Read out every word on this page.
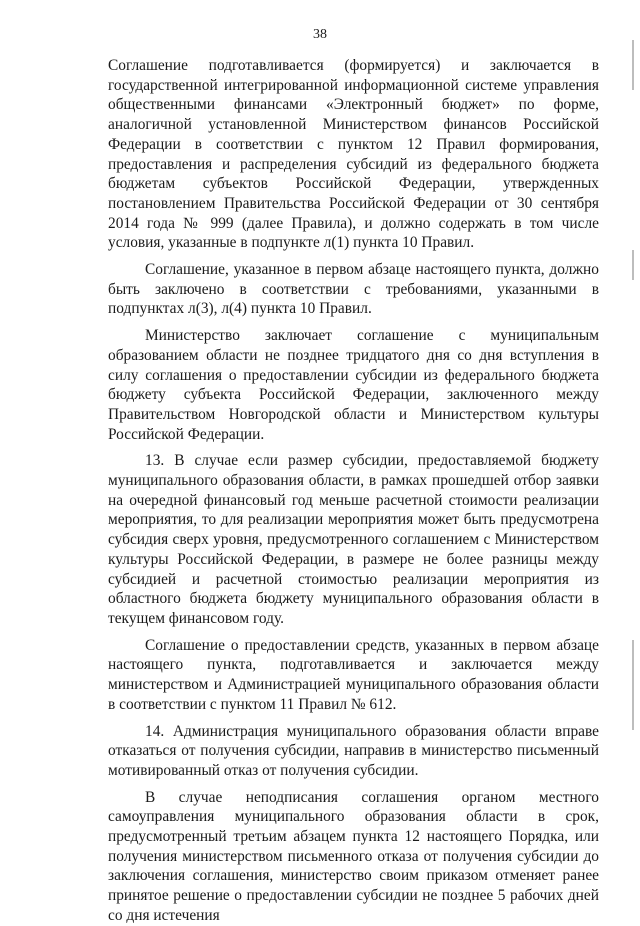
38

Соглашение подготавливается (формируется) и заключается в государственной интегрированной информационной системе управления общественными финансами «Электронный бюджет» по форме, аналогичной установленной Министерством финансов Российской Федерации в соответствии с пунктом 12 Правил формирования, предоставления и распределения субсидий из федерального бюджета бюджетам субъектов Российской Федерации, утвержденных постановлением Правительства Российской Федерации от 30 сентября 2014 года № 999 (далее Правила), и должно содержать в том числе условия, указанные в подпункте л(1) пункта 10 Правил.

Соглашение, указанное в первом абзаце настоящего пункта, должно быть заключено в соответствии с требованиями, указанными в подпунктах л(3), л(4) пункта 10 Правил.

Министерство заключает соглашение с муниципальным образованием области не позднее тридцатого дня со дня вступления в силу соглашения о предоставлении субсидии из федерального бюджета бюджету субъекта Российской Федерации, заключенного между Правительством Новгородской области и Министерством культуры Российской Федерации.

13. В случае если размер субсидии, предоставляемой бюджету муниципального образования области, в рамках прошедшей отбор заявки на очередной финансовый год меньше расчетной стоимости реализации мероприятия, то для реализации мероприятия может быть предусмотрена субсидия сверх уровня, предусмотренного соглашением с Министерством культуры Российской Федерации, в размере не более разницы между субсидией и расчетной стоимостью реализации мероприятия из областного бюджета бюджету муниципального образования области в текущем финансовом году.

Соглашение о предоставлении средств, указанных в первом абзаце настоящего пункта, подготавливается и заключается между министерством и Администрацией муниципального образования области в соответствии с пунктом 11 Правил № 612.

14. Администрация муниципального образования области вправе отказаться от получения субсидии, направив в министерство письменный мотивированный отказ от получения субсидии.

В случае неподписания соглашения органом местного самоуправления муниципального образования области в срок, предусмотренный третьим абзацем пункта 12 настоящего Порядка, или получения министерством письменного отказа от получения субсидии до заключения соглашения, министерство своим приказом отменяет ранее принятое решение о предоставлении субсидии не позднее 5 рабочих дней со дня истечения
